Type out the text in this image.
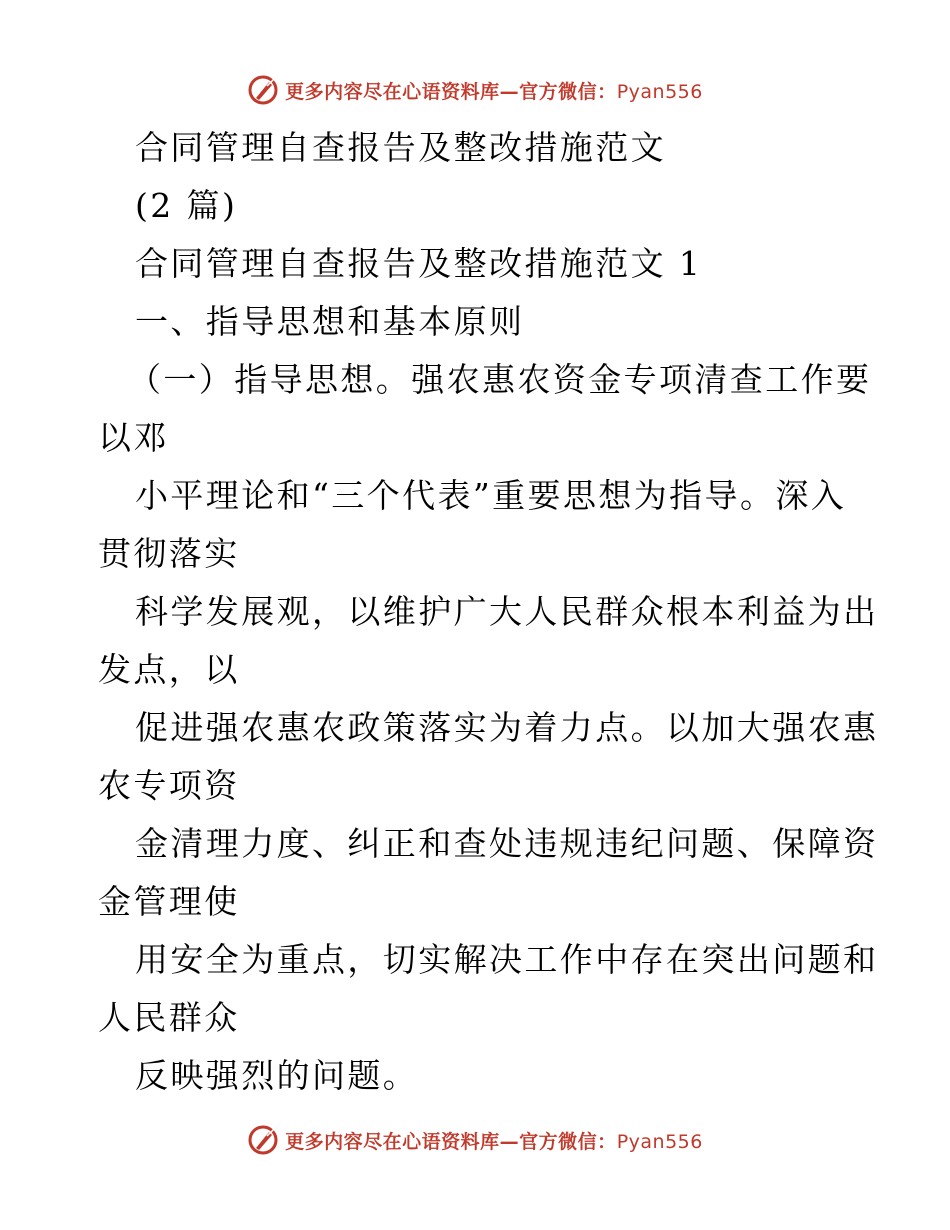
更多内容尽在心语资料库—官方微信：Pyan556
合同管理自查报告及整改措施范文
(2 篇)
合同管理自查报告及整改措施范文 1
一、指导思想和基本原则
（一）指导思想。强农惠农资金专项清查工作要
以邓
小平理论和“三个代表”重要思想为指导。深入
贯彻落实
科学发展观，以维护广大人民群众根本利益为出
发点，以
促进强农惠农政策落实为着力点。以加大强农惠
农专项资
金清理力度、纠正和查处违规违纪问题、保障资
金管理使
用安全为重点，切实解决工作中存在突出问题和
人民群众
反映强烈的问题。
更多内容尽在心语资料库—官方微信：Pyan556
